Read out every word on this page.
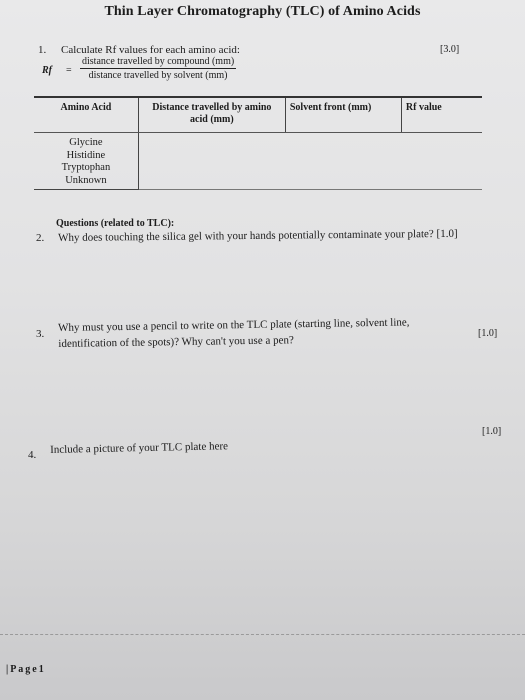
Thin Layer Chromatography (TLC) of Amino Acids
1. Calculate Rf values for each amino acid:	[3.0]
Rf =
distance travelled by compound (mm)
distance travelled by solvent (mm)
Amino Acid	Distance travelled by amino acid (mm)	Solvent front (mm)	Rf value

Glycine
Histidine
Tryptophan
Unknown			

Questions (related to TLC):
2. Why does touching the silica gel with your hands potentially contaminate your plate? [1.0]
3.
Why must you use a pencil to write on the TLC plate (starting line, solvent line, identification of the spots)? Why can't you use a pen?
[1.0]
4. Include a picture of your TLC plate here
[1.0]
|Page1
